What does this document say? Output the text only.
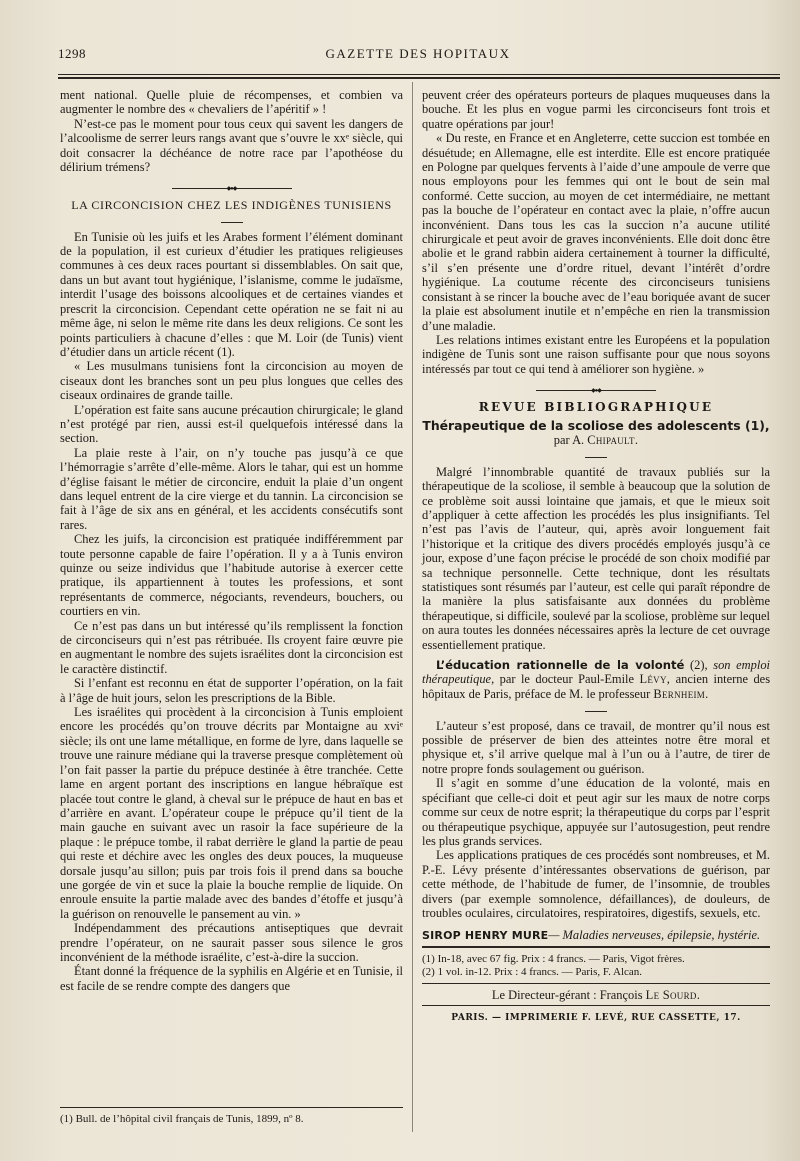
1298	GAZETTE DES HOPITAUX

ment national. Quelle pluie de récompenses, et combien va augmenter le nombre des « chevaliers de l’apéritif » !

N’est-ce pas le moment pour tous ceux qui savent les dangers de l’alcoolisme de serrer leurs rangs avant que s’ouvre le xxᵉ siècle, qui doit consacrer la déchéance de notre race par l’apothéose du délirium trémens?

◆●◆

LA CIRCONCISION CHEZ LES INDIGÈNES TUNISIENS

En Tunisie où les juifs et les Arabes forment l’élément dominant de la population, il est curieux d’étudier les pratiques religieuses communes à ces deux races pourtant si dissemblables. On sait que, dans un but avant tout hygiénique, l’islanisme, comme le judaïsme, interdit l’usage des boissons alcooliques et de certaines viandes et prescrit la circoncision. Cependant cette opération ne se fait ni au même âge, ni selon le même rite dans les deux religions. Ce sont les points particuliers à chacune d’elles : que M. Loir (de Tunis) vient d’étudier dans un article récent (1).

« Les musulmans tunisiens font la circoncision au moyen de ciseaux dont les branches sont un peu plus longues que celles des ciseaux ordinaires de grande taille.

L’opération est faite sans aucune précaution chirurgicale; le gland n’est protégé par rien, aussi est-il quelquefois intéressé dans la section.

La plaie reste à l’air, on n’y touche pas jusqu’à ce que l’hémorragie s’arrête d’elle-même. Alors le tahar, qui est un homme d’église faisant le métier de circoncire, enduit la plaie d’un ongent dans lequel entrent de la cire vierge et du tannin. La circoncision se fait à l’âge de six ans en général, et les accidents consécutifs sont rares.

Chez les juifs, la circoncision est pratiquée indifféremment par toute personne capable de faire l’opération. Il y a à Tunis environ quinze ou seize individus que l’habitude autorise à exercer cette pratique, ils appartiennent à toutes les professions, et sont représentants de commerce, négociants, revendeurs, bouchers, ou courtiers en vin.

Ce n’est pas dans un but intéressé qu’ils remplissent la fonction de circonciseurs qui n’est pas rétribuée. Ils croyent faire œuvre pie en augmentant le nombre des sujets israélites dont la circoncision est le caractère distinctif.

Si l’enfant est reconnu en état de supporter l’opération, on la fait à l’âge de huit jours, selon les prescriptions de la Bible.

Les israélites qui procèdent à la circoncision à Tunis emploient encore les procédés qu’on trouve décrits par Montaigne au xviᵉ siècle; ils ont une lame métallique, en forme de lyre, dans laquelle se trouve une rainure médiane qui la traverse presque complètement où l’on fait passer la partie du prépuce destinée à être tranchée. Cette lame en argent portant des inscriptions en langue hébraïque est placée tout contre le gland, à cheval sur le prépuce de haut en bas et d’arrière en avant. L’opérateur coupe le prépuce qu’il tient de la main gauche en suivant avec un rasoir la face supérieure de la plaque : le prépuce tombe, il rabat derrière le gland la partie de peau qui reste et déchire avec les ongles des deux pouces, la muqueuse dorsale jusqu’au sillon; puis par trois fois il prend dans sa bouche une gorgée de vin et suce la plaie la bouche remplie de liquide. On enroule ensuite la partie malade avec des bandes d’étoffe et jusqu’à la guérison on renouvelle le pansement au vin. »

Indépendamment des précautions antiseptiques que devrait prendre l’opérateur, on ne saurait passer sous silence le gros inconvénient de la méthode israélite, c’est-à-dire la succion.

Étant donné la fréquence de la syphilis en Algérie et en Tunisie, il est facile de se rendre compte des dangers que

(1) Bull. de l’hôpital civil français de Tunis, 1899, nº 8.

peuvent créer des opérateurs porteurs de plaques muqueuses dans la bouche. Et les plus en vogue parmi les circonciseurs font trois et quatre opérations par jour!

« Du reste, en France et en Angleterre, cette succion est tombée en désuétude; en Allemagne, elle est interdite. Elle est encore pratiquée en Pologne par quelques fervents à l’aide d’une ampoule de verre que nous employons pour les femmes qui ont le bout de sein mal conformé. Cette succion, au moyen de cet intermédiaire, ne mettant pas la bouche de l’opérateur en contact avec la plaie, n’offre aucun inconvénient. Dans tous les cas la succion n’a aucune utilité chirurgicale et peut avoir de graves inconvénients. Elle doit donc être abolie et le grand rabbin aidera certainement à tourner la difficulté, s’il s’en présente une d’ordre rituel, devant l’intérêt d’ordre hygiénique. La coutume récente des circonciseurs tunisiens consistant à se rincer la bouche avec de l’eau boriquée avant de sucer la plaie est absolument inutile et n’empêche en rien la transmission d’une maladie.

Les relations intimes existant entre les Européens et la population indigène de Tunis sont une raison suffisante pour que nous soyons intéressés par tout ce qui tend à améliorer son hygiène. »

◆●◆

REVUE BIBLIOGRAPHIQUE

Thérapeutique de la scoliose des adolescents (1),

par A. Chipault.

Malgré l’innombrable quantité de travaux publiés sur la thérapeutique de la scoliose, il semble à beaucoup que la solution de ce problème soit aussi lointaine que jamais, et que le mieux soit d’appliquer à cette affection les procédés les plus insignifiants. Tel n’est pas l’avis de l’auteur, qui, après avoir longuement fait l’historique et la critique des divers procédés employés jusqu’à ce jour, expose d’une façon précise le procédé de son choix modifié par sa technique personnelle. Cette technique, dont les résultats statistiques sont résumés par l’auteur, est celle qui paraît répondre de la manière la plus satisfaisante aux données du problème thérapeutique, si difficile, soulevé par la scoliose, problème sur lequel on aura toutes les données nécessaires après la lecture de cet ouvrage essentiellement pratique.

L’éducation rationnelle de la volonté (2), son emploi thérapeutique, par le docteur Paul-Emile Lévy, ancien interne des hôpitaux de Paris, préface de M. le professeur Bernheim.

L’auteur s’est proposé, dans ce travail, de montrer qu’il nous est possible de préserver de bien des atteintes notre être moral et physique et, s’il arrive quelque mal à l’un ou à l’autre, de tirer de notre propre fonds soulagement ou guérison.

Il s’agit en somme d’une éducation de la volonté, mais en spécifiant que celle-ci doit et peut agir sur les maux de notre corps comme sur ceux de notre esprit; la thérapeutique du corps par l’esprit ou thérapeutique psychique, appuyée sur l’autosugestion, peut rendre les plus grands services.

Les applications pratiques de ces procédés sont nombreuses, et M. P.-E. Lévy présente d’intéressantes observations de guérison, par cette méthode, de l’habitude de fumer, de l’insomnie, de troubles divers (par exemple somnolence, défaillances), de douleurs, de troubles oculaires, circulatoires, respiratoires, digestifs, sexuels, etc.

SIROP HENRY MURE— Maladies nerveuses, épilepsie, hystérie.

(1) In-18, avec 67 fig. Prix : 4 francs. — Paris, Vigot frères.

(2) 1 vol. in-12. Prix : 4 francs. — Paris, F. Alcan.

Le Directeur-gérant : François Le Sourd.

PARIS. — IMPRIMERIE F. LEVÉ, RUE CASSETTE, 17.
